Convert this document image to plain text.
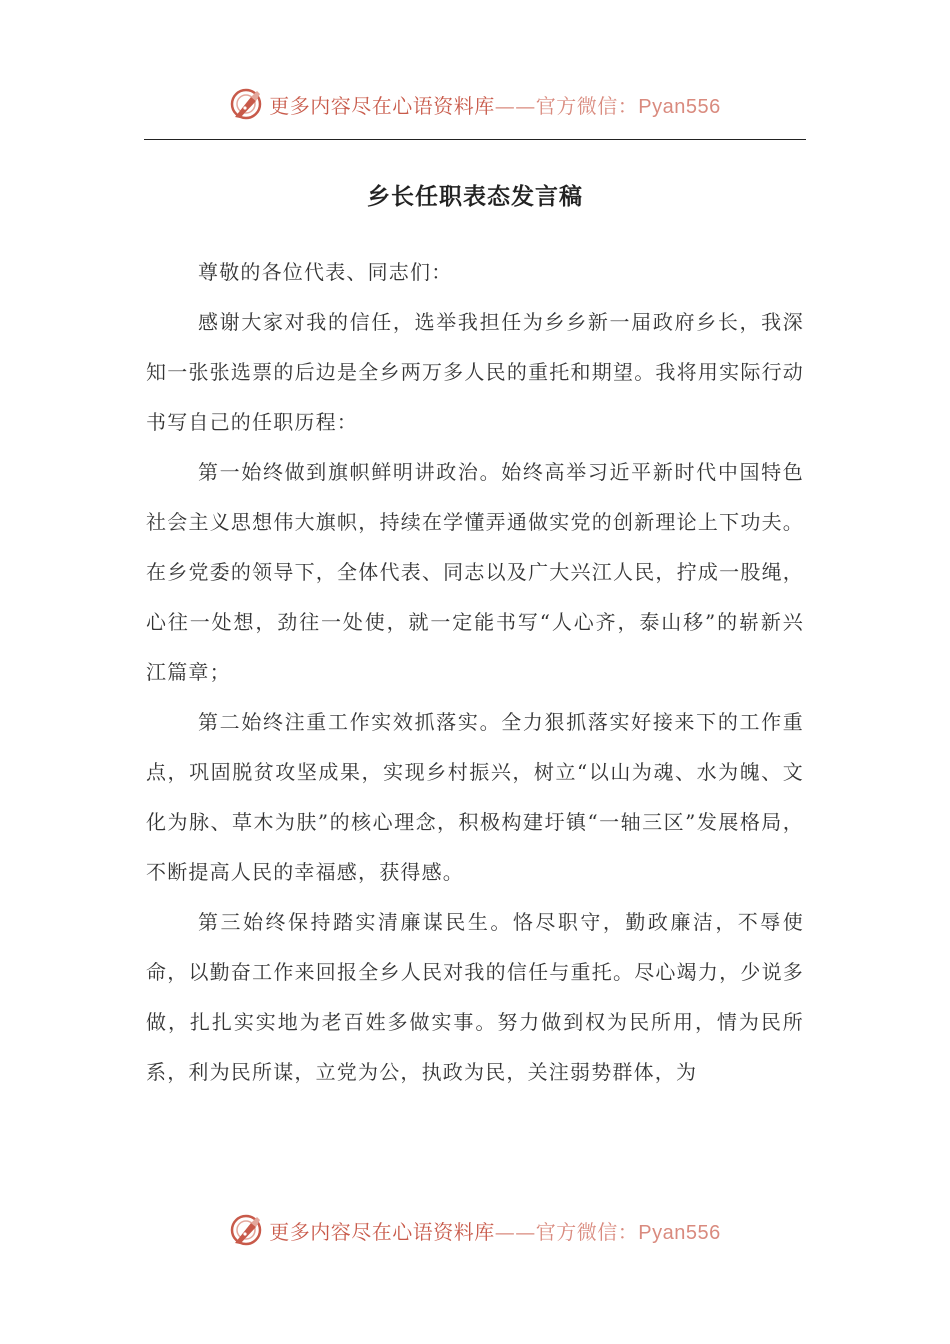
更多内容尽在心语资料库——官方微信：Pyan556
乡长任职表态发言稿

尊敬的各位代表、同志们：

感谢大家对我的信任，选举我担任为乡乡新一届政府乡长，我深知一张张选票的后边是全乡两万多人民的重托和期望。我将用实际行动书写自己的任职历程：

第一始终做到旗帜鲜明讲政治。始终高举习近平新时代中国特色社会主义思想伟大旗帜，持续在学懂弄通做实党的创新理论上下功夫。在乡党委的领导下，全体代表、同志以及广大兴江人民，拧成一股绳，心往一处想，劲往一处使，就一定能书写“人心齐，泰山移”的崭新兴江篇章；

第二始终注重工作实效抓落实。全力狠抓落实好接来下的工作重点，巩固脱贫攻坚成果，实现乡村振兴，树立“以山为魂、水为魄、文化为脉、草木为肤”的核心理念，积极构建圩镇“一轴三区”发展格局，不断提高人民的幸福感，获得感。

第三始终保持踏实清廉谋民生。恪尽职守，勤政廉洁，不辱使命，以勤奋工作来回报全乡人民对我的信任与重托。尽心竭力，少说多做，扎扎实实地为老百姓多做实事。努力做到权为民所用，情为民所系，利为民所谋，立党为公，执政为民，关注弱势群体，为

更多内容尽在心语资料库——官方微信：Pyan556
